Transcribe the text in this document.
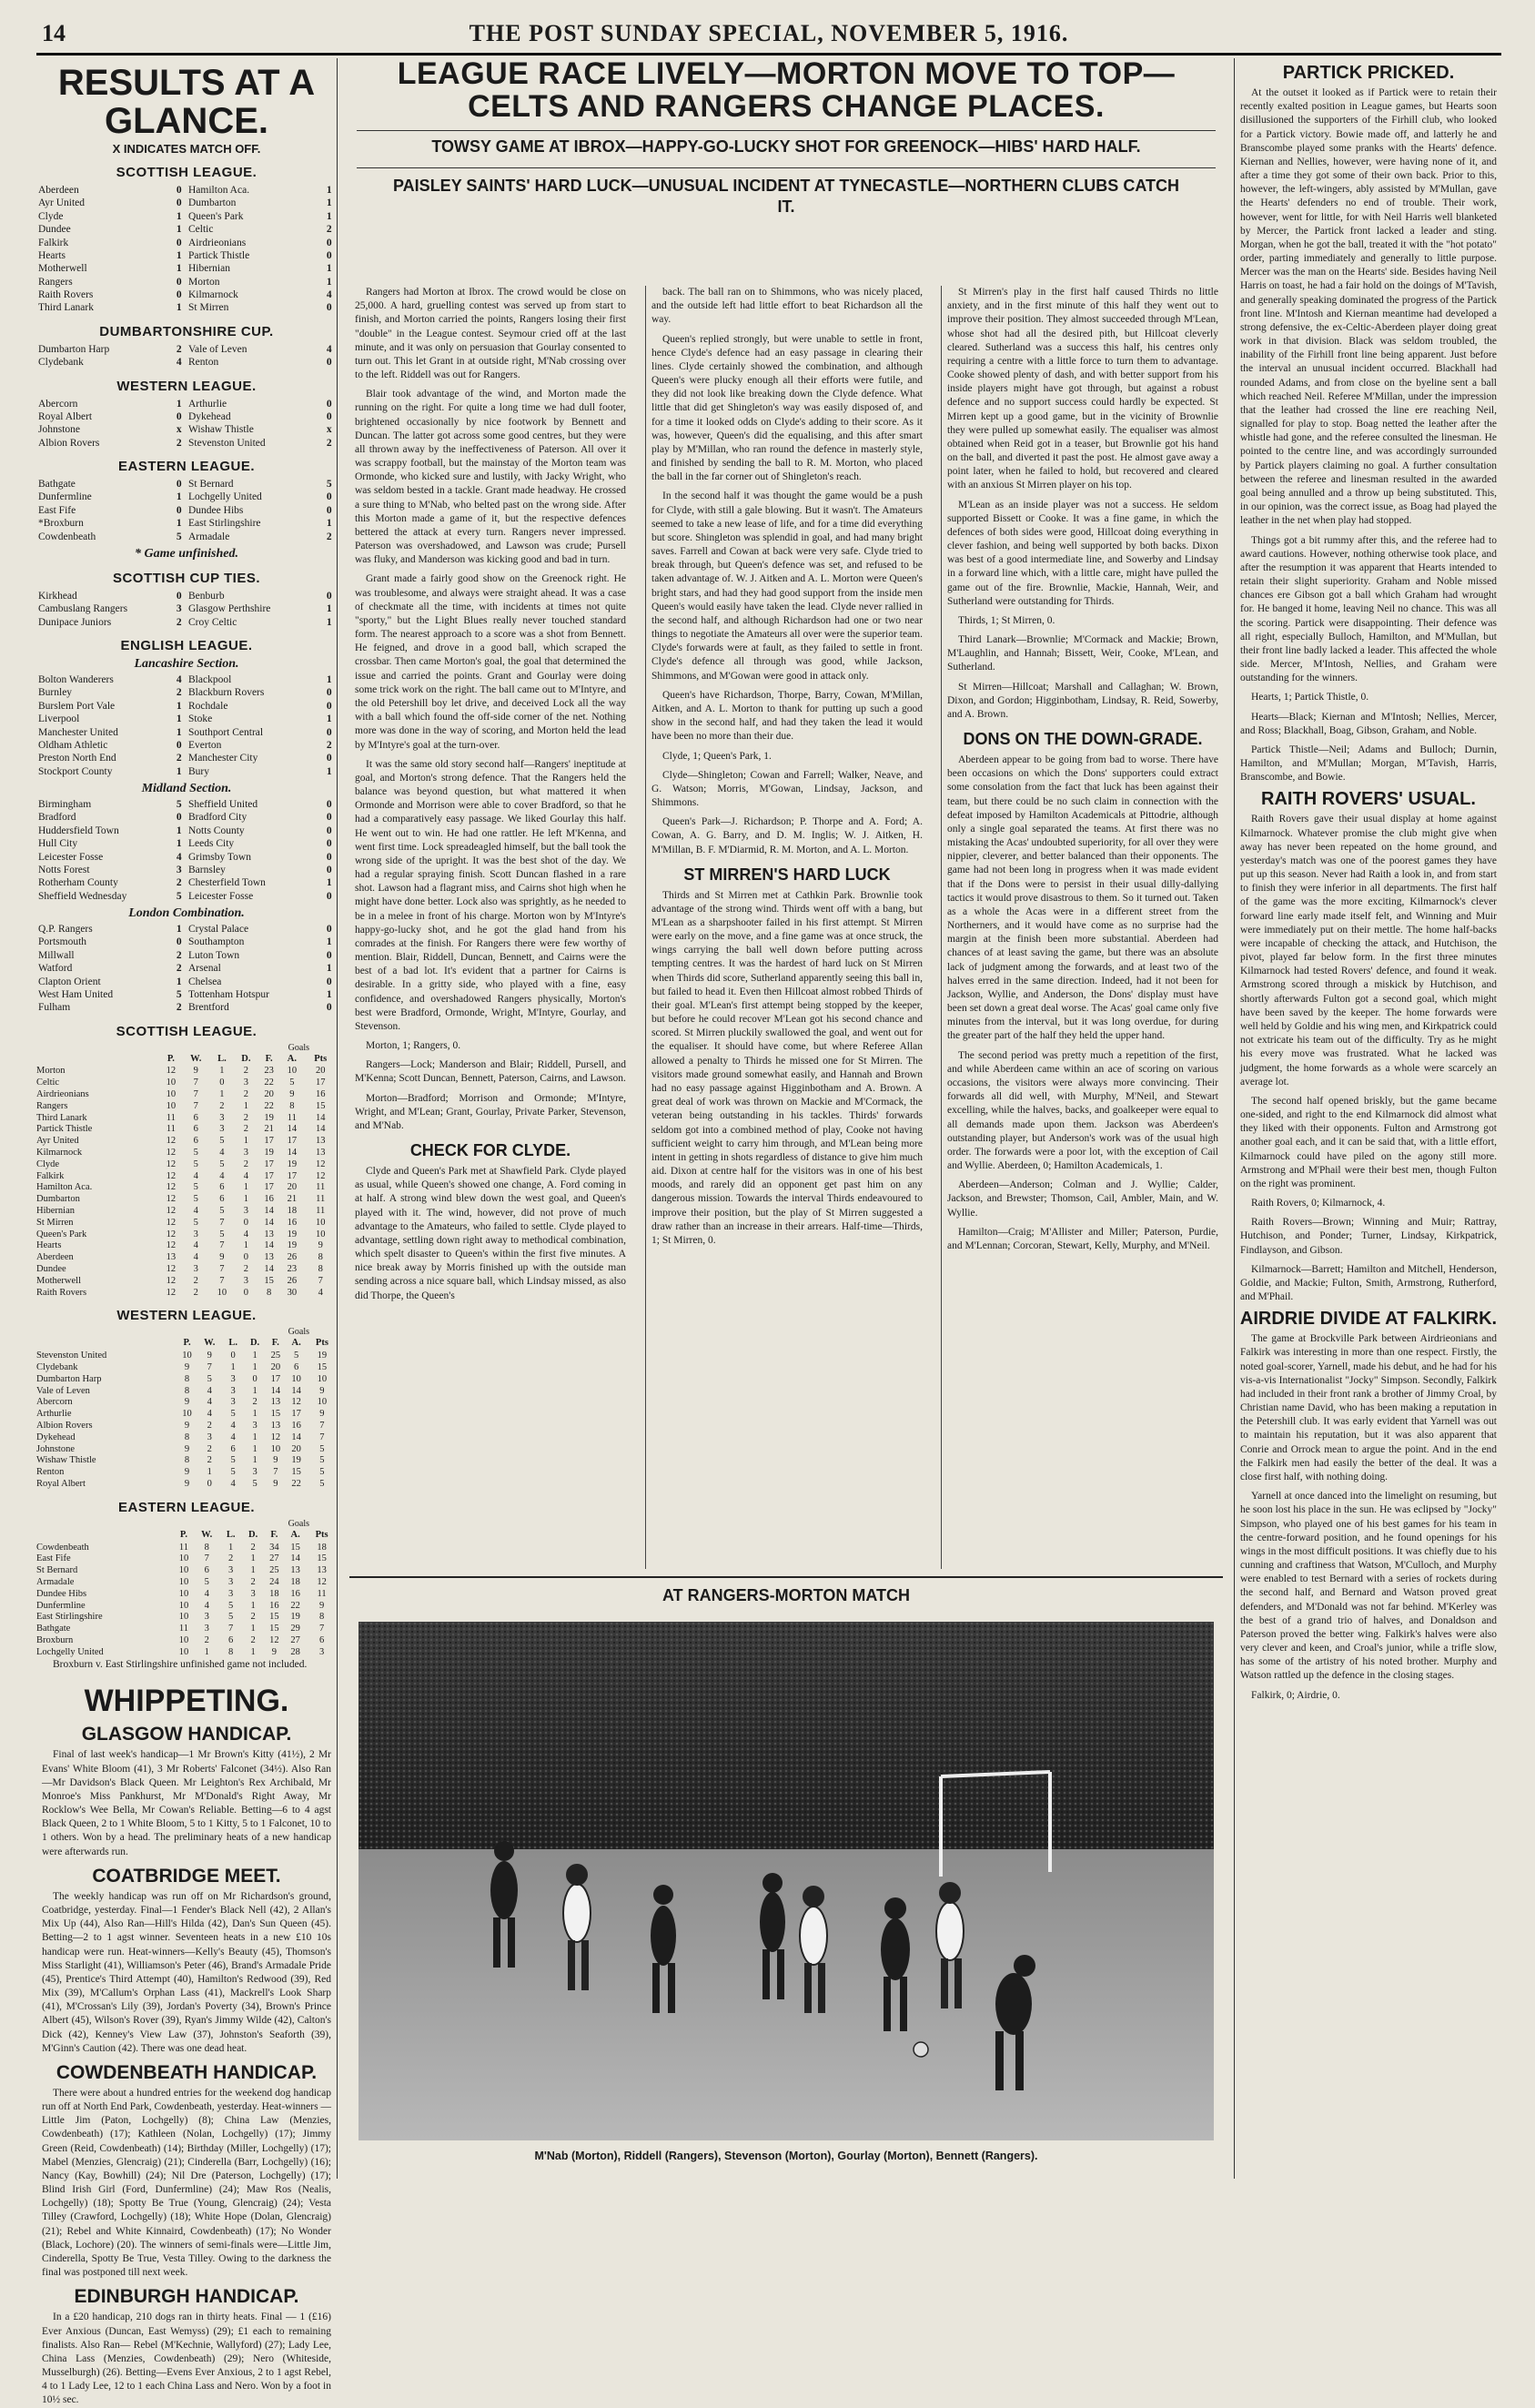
14	THE POST SUNDAY SPECIAL, NOVEMBER 5, 1916.
RESULTS AT A GLANCE.
X INDICATES MATCH OFF.
SCOTTISH LEAGUE.
Aberdeen	0	Hamilton Aca.	1
Ayr United	0	Dumbarton	1
Clyde	1	Queen's Park	1
Dundee	1	Celtic	2
Falkirk	0	Airdrieonians	0
Hearts	1	Partick Thistle	0
Motherwell	1	Hibernian	1
Rangers	0	Morton	1
Raith Rovers	0	Kilmarnock	4
Third Lanark	1	St Mirren	0
DUMBARTONSHIRE CUP.
Dumbarton Harp	2	Vale of Leven	4
Clydebank	4	Renton	0
WESTERN LEAGUE.
Abercorn	1	Arthurlie	0
Royal Albert	0	Dykehead	0
Johnstone	x	Wishaw Thistle	x
Albion Rovers	2	Stevenston United	2
EASTERN LEAGUE.
Bathgate	0	St Bernard	5
Dunfermline	1	Lochgelly United	0
East Fife	0	Dundee Hibs	0
*Broxburn	1	East Stirlingshire	1
Cowdenbeath	5	Armadale	2
* Game unfinished.
SCOTTISH CUP TIES.
Kirkhead	0	Benburb	0
Cambuslang Rangers	3	Glasgow Perthshire	1
Dunipace Juniors	2	Croy Celtic	1
ENGLISH LEAGUE.
Lancashire Section.
Bolton Wanderers	4	Blackpool	1
Burnley	2	Blackburn Rovers	0
Burslem Port Vale	1	Rochdale	0
Liverpool	1	Stoke	1
Manchester United	1	Southport Central	0
Oldham Athletic	0	Everton	2
Preston North End	2	Manchester City	0
Stockport County	1	Bury	1
Midland Section.
Birmingham	5	Sheffield United	0
Bradford	0	Bradford City	0
Huddersfield Town	1	Notts County	0
Hull City	1	Leeds City	0
Leicester Fosse	4	Grimsby Town	0
Notts Forest	3	Barnsley	0
Rotherham County	2	Chesterfield Town	1
Sheffield Wednesday	5	Leicester Fosse	0
London Combination.
Q.P. Rangers	1	Crystal Palace	0
Portsmouth	0	Southampton	1
Millwall	2	Luton Town	0
Watford	2	Arsenal	1
Clapton Orient	1	Chelsea	0
West Ham United	5	Tottenham Hotspur	1
Fulham	2	Brentford	0
SCOTTISH LEAGUE.
Goals
	P.	W.	L.	D.	F.	A.	Pts
Morton	12	9	1	2	23	10	20
Celtic	10	7	0	3	22	5	17
Airdrieonians	10	7	1	2	20	9	16
Rangers	10	7	2	1	22	8	15
Third Lanark	11	6	3	2	19	11	14
Partick Thistle	11	6	3	2	21	14	14
Ayr United	12	6	5	1	17	17	13
Kilmarnock	12	5	4	3	19	14	13
Clyde	12	5	5	2	17	19	12
Falkirk	12	4	4	4	17	17	12
Hamilton Aca.	12	5	6	1	17	20	11
Dumbarton	12	5	6	1	16	21	11
Hibernian	12	4	5	3	14	18	11
St Mirren	12	5	7	0	14	16	10
Queen's Park	12	3	5	4	13	19	10
Hearts	12	4	7	1	14	19	9
Aberdeen	13	4	9	0	13	26	8
Dundee	12	3	7	2	14	23	8
Motherwell	12	2	7	3	15	26	7
Raith Rovers	12	2	10	0	8	30	4
WESTERN LEAGUE.
Goals
	P.	W.	L.	D.	F.	A.	Pts
Stevenston United	10	9	0	1	25	5	19
Clydebank	9	7	1	1	20	6	15
Dumbarton Harp	8	5	3	0	17	10	10
Vale of Leven	8	4	3	1	14	14	9
Abercorn	9	4	3	2	13	12	10
Arthurlie	10	4	5	1	15	17	9
Albion Rovers	9	2	4	3	13	16	7
Dykehead	8	3	4	1	12	14	7
Johnstone	9	2	6	1	10	20	5
Wishaw Thistle	8	2	5	1	9	19	5
Renton	9	1	5	3	7	15	5
Royal Albert	9	0	4	5	9	22	5
EASTERN LEAGUE.
Goals
	P.	W.	L.	D.	F.	A.	Pts
Cowdenbeath	11	8	1	2	34	15	18
East Fife	10	7	2	1	27	14	15
St Bernard	10	6	3	1	25	13	13
Armadale	10	5	3	2	24	18	12
Dundee Hibs	10	4	3	3	18	16	11
Dunfermline	10	4	5	1	16	22	9
East Stirlingshire	10	3	5	2	15	19	8
Bathgate	11	3	7	1	15	29	7
Broxburn	10	2	6	2	12	27	6
Lochgelly United	10	1	8	1	9	28	3
Broxburn v. East Stirlingshire unfinished game not included.
WHIPPETING.
GLASGOW HANDICAP.

Final of last week's handicap—1 Mr Brown's Kitty (41½), 2 Mr Evans' White Bloom (41), 3 Mr Roberts' Falconet (34½). Also Ran—Mr Davidson's Black Queen. Mr Leighton's Rex Archibald, Mr Monroe's Miss Pankhurst, Mr M'Donald's Right Away, Mr Rocklow's Wee Bella, Mr Cowan's Reliable. Betting—6 to 4 agst Black Queen, 2 to 1 White Bloom, 5 to 1 Kitty, 5 to 1 Falconet, 10 to 1 others. Won by a head. The preliminary heats of a new handicap were afterwards run.

COATBRIDGE MEET.

The weekly handicap was run off on Mr Richardson's ground, Coatbridge, yesterday. Final—1 Fender's Black Nell (42), 2 Allan's Mix Up (44), Also Ran—Hill's Hilda (42), Dan's Sun Queen (45). Betting—2 to 1 agst winner. Seventeen heats in a new £10 10s handicap were run. Heat-winners—Kelly's Beauty (45), Thomson's Miss Starlight (41), Williamson's Peter (46), Brand's Armadale Pride (45), Prentice's Third Attempt (40), Hamilton's Redwood (39), Red Mix (39), M'Callum's Orphan Lass (41), Mackrell's Look Sharp (41), M'Crossan's Lily (39), Jordan's Poverty (34), Brown's Prince Albert (45), Wilson's Rover (39), Ryan's Jimmy Wilde (42), Calton's Dick (42), Kenney's View Law (37), Johnston's Seaforth (39), M'Ginn's Caution (42). There was one dead heat.

COWDENBEATH HANDICAP.

There were about a hundred entries for the weekend dog handicap run off at North End Park, Cowdenbeath, yesterday. Heat-winners — Little Jim (Paton, Lochgelly) (8); China Law (Menzies, Cowdenbeath) (17); Kathleen (Nolan, Lochgelly) (17); Jimmy Green (Reid, Cowdenbeath) (14); Birthday (Miller, Lochgelly) (17); Mabel (Menzies, Glencraig) (21); Cinderella (Barr, Lochgelly) (16); Nancy (Kay, Bowhill) (24); Nil Dre (Paterson, Lochgelly) (17); Blind Irish Girl (Ford, Dunfermline) (24); Maw Ros (Nealis, Lochgelly) (18); Spotty Be True (Young, Glencraig) (24); Vesta Tilley (Crawford, Lochgelly) (18); White Hope (Dolan, Glencraig) (21); Rebel and White Kinnaird, Cowdenbeath) (17); No Wonder (Black, Lochore) (20). The winners of semi-finals were—Little Jim, Cinderella, Spotty Be True, Vesta Tilley. Owing to the darkness the final was postponed till next week.

EDINBURGH HANDICAP.

In a £20 handicap, 210 dogs ran in thirty heats. Final — 1 (£16) Ever Anxious (Duncan, East Wemyss) (29); £1 each to remaining finalists. Also Ran— Rebel (M'Kechnie, Wallyford) (27); Lady Lee, China Lass (Menzies, Cowdenbeath) (29); Nero (Whiteside, Musselburgh) (26). Betting—Evens Ever Anxious, 2 to 1 agst Rebel, 4 to 1 Lady Lee, 12 to 1 each China Lass and Nero. Won by a foot in 10½ sec.

LEAGUE RACE LIVELY—MORTON MOVE TO TOP—CELTS AND RANGERS CHANGE PLACES.
TOWSY GAME AT IBROX—HAPPY-GO-LUCKY SHOT FOR GREENOCK—HIBS' HARD HALF.
PAISLEY SAINTS' HARD LUCK—UNUSUAL INCIDENT AT TYNECASTLE—NORTHERN CLUBS CATCH IT.

Rangers had Morton at Ibrox. The crowd would be close on 25,000. A hard, gruelling contest was served up from start to finish, and Morton carried the points, Rangers losing their first "double" in the League contest. Seymour cried off at the last minute, and it was only on persuasion that Gourlay consented to turn out. This let Grant in at outside right, M'Nab crossing over to the left. Riddell was out for Rangers.

Blair took advantage of the wind, and Morton made the running on the right. For quite a long time we had dull footer, brightened occasionally by nice footwork by Bennett and Duncan. The latter got across some good centres, but they were all thrown away by the ineffectiveness of Paterson. All over it was scrappy football, but the mainstay of the Morton team was Ormonde, who kicked sure and lustily, with Jacky Wright, who was seldom bested in a tackle. Grant made headway. He crossed a sure thing to M'Nab, who belted past on the wrong side. After this Morton made a game of it, but the respective defences bettered the attack at every turn. Rangers never impressed. Paterson was overshadowed, and Lawson was crude; Pursell was fluky, and Manderson was kicking good and bad in turn.

Grant made a fairly good show on the Greenock right. He was troublesome, and always were straight ahead. It was a case of checkmate all the time, with incidents at times not quite "sporty," but the Light Blues really never touched standard form. The nearest approach to a score was a shot from Bennett. He feigned, and drove in a good ball, which scraped the crossbar. Then came Morton's goal, the goal that determined the issue and carried the points. Grant and Gourlay were doing some trick work on the right. The ball came out to M'Intyre, and the old Petershill boy let drive, and deceived Lock all the way with a ball which found the off-side corner of the net. Nothing more was done in the way of scoring, and Morton held the lead by M'Intyre's goal at the turn-over.

It was the same old story second half—Rangers' ineptitude at goal, and Morton's strong defence. That the Rangers held the balance was beyond question, but what mattered it when Ormonde and Morrison were able to cover Bradford, so that he had a comparatively easy passage. We liked Gourlay this half. He went out to win. He had one rattler. He left M'Kenna, and went first time. Lock spreadeagled himself, but the ball took the wrong side of the upright. It was the best shot of the day. We had a regular spraying finish. Scott Duncan flashed in a rare shot. Lawson had a flagrant miss, and Cairns shot high when he might have done better. Lock also was sprightly, as he needed to be in a melee in front of his charge. Morton won by M'Intyre's happy-go-lucky shot, and he got the glad hand from his comrades at the finish. For Rangers there were few worthy of mention. Blair, Riddell, Duncan, Bennett, and Cairns were the best of a bad lot. It's evident that a partner for Cairns is desirable. In a gritty side, who played with a fine, easy confidence, and overshadowed Rangers physically, Morton's best were Bradford, Ormonde, Wright, M'Intyre, Gourlay, and Stevenson.

Morton, 1; Rangers, 0.

Rangers—Lock; Manderson and Blair; Riddell, Pursell, and M'Kenna; Scott Duncan, Bennett, Paterson, Cairns, and Lawson.

Morton—Bradford; Morrison and Ormonde; M'Intyre, Wright, and M'Lean; Grant, Gourlay, Private Parker, Stevenson, and M'Nab.

CHECK FOR CLYDE.

Clyde and Queen's Park met at Shawfield Park. Clyde played as usual, while Queen's showed one change, A. Ford coming in at half. A strong wind blew down the west goal, and Queen's played with it. The wind, however, did not prove of much advantage to the Amateurs, who failed to settle. Clyde played to advantage, settling down right away to methodical combination, which spelt disaster to Queen's within the first five minutes. A nice break away by Morris finished up with the outside man sending across a nice square ball, which Lindsay missed, as also did Thorpe, the Queen's

back. The ball ran on to Shimmons, who was nicely placed, and the outside left had little effort to beat Richardson all the way.

Queen's replied strongly, but were unable to settle in front, hence Clyde's defence had an easy passage in clearing their lines. Clyde certainly showed the combination, and although Queen's were plucky enough all their efforts were futile, and they did not look like breaking down the Clyde defence. What little that did get Shingleton's way was easily disposed of, and for a time it looked odds on Clyde's adding to their score. As it was, however, Queen's did the equalising, and this after smart play by M'Millan, who ran round the defence in masterly style, and finished by sending the ball to R. M. Morton, who placed the ball in the far corner out of Shingleton's reach.

In the second half it was thought the game would be a push for Clyde, with still a gale blowing. But it wasn't. The Amateurs seemed to take a new lease of life, and for a time did everything but score. Shingleton was splendid in goal, and had many bright saves. Farrell and Cowan at back were very safe. Clyde tried to break through, but Queen's defence was set, and refused to be taken advantage of. W. J. Aitken and A. L. Morton were Queen's bright stars, and had they had good support from the inside men Queen's would easily have taken the lead. Clyde never rallied in the second half, and although Richardson had one or two near things to negotiate the Amateurs all over were the superior team. Clyde's forwards were at fault, as they failed to settle in front. Clyde's defence all through was good, while Jackson, Shimmons, and M'Gowan were good in attack only.

Queen's have Richardson, Thorpe, Barry, Cowan, M'Millan, Aitken, and A. L. Morton to thank for putting up such a good show in the second half, and had they taken the lead it would have been no more than their due.

Clyde, 1; Queen's Park, 1.

Clyde—Shingleton; Cowan and Farrell; Walker, Neave, and G. Watson; Morris, M'Gowan, Lindsay, Jackson, and Shimmons.

Queen's Park—J. Richardson; P. Thorpe and A. Ford; A. Cowan, A. G. Barry, and D. M. Inglis; W. J. Aitken, H. M'Millan, B. F. M'Diarmid, R. M. Morton, and A. L. Morton.

ST MIRREN'S HARD LUCK

Thirds and St Mirren met at Cathkin Park. Brownlie took advantage of the strong wind. Thirds went off with a bang, but M'Lean as a sharpshooter failed in his first attempt. St Mirren were early on the move, and a fine game was at once struck, the wings carrying the ball well down before putting across tempting centres. It was the hardest of hard luck on St Mirren when Thirds did score, Sutherland apparently seeing this ball in, but failed to head it. Even then Hillcoat almost robbed Thirds of their goal. M'Lean's first attempt being stopped by the keeper, but before he could recover M'Lean got his second chance and scored. St Mirren pluckily swallowed the goal, and went out for the equaliser. It should have come, but where Referee Allan allowed a penalty to Thirds he missed one for St Mirren. The visitors made ground somewhat easily, and Hannah and Brown had no easy passage against Higginbotham and A. Brown. A great deal of work was thrown on Mackie and M'Cormack, the veteran being outstanding in his tackles. Thirds' forwards seldom got into a combined method of play, Cooke not having sufficient weight to carry him through, and M'Lean being more intent in getting in shots regardless of distance to give him much aid. Dixon at centre half for the visitors was in one of his best moods, and rarely did an opponent get past him on any dangerous mission. Towards the interval Thirds endeavoured to improve their position, but the play of St Mirren suggested a draw rather than an increase in their arrears. Half-time—Thirds, 1; St Mirren, 0.

St Mirren's play in the first half caused Thirds no little anxiety, and in the first minute of this half they went out to improve their position. They almost succeeded through M'Lean, whose shot had all the desired pith, but Hillcoat cleverly cleared. Sutherland was a success this half, his centres only requiring a centre with a little force to turn them to advantage. Cooke showed plenty of dash, and with better support from his inside players might have got through, but against a robust defence and no support success could hardly be expected. St Mirren kept up a good game, but in the vicinity of Brownlie they were pulled up somewhat easily. The equaliser was almost obtained when Reid got in a teaser, but Brownlie got his hand on the ball, and diverted it past the post. He almost gave away a point later, when he failed to hold, but recovered and cleared with an anxious St Mirren player on his top.

M'Lean as an inside player was not a success. He seldom supported Bissett or Cooke. It was a fine game, in which the defences of both sides were good, Hillcoat doing everything in clever fashion, and being well supported by both backs. Dixon was best of a good intermediate line, and Sowerby and Lindsay in a forward line which, with a little care, might have pulled the game out of the fire. Brownlie, Mackie, Hannah, Weir, and Sutherland were outstanding for Thirds.

Thirds, 1; St Mirren, 0.

Third Lanark—Brownlie; M'Cormack and Mackie; Brown, M'Laughlin, and Hannah; Bissett, Weir, Cooke, M'Lean, and Sutherland.

St Mirren—Hillcoat; Marshall and Callaghan; W. Brown, Dixon, and Gordon; Higginbotham, Lindsay, R. Reid, Sowerby, and A. Brown.

DONS ON THE DOWN-GRADE.

Aberdeen appear to be going from bad to worse. There have been occasions on which the Dons' supporters could extract some consolation from the fact that luck has been against their team, but there could be no such claim in connection with the defeat imposed by Hamilton Academicals at Pittodrie, although only a single goal separated the teams. At first there was no mistaking the Acas' undoubted superiority, for all over they were nippier, cleverer, and better balanced than their opponents. The game had not been long in progress when it was made evident that if the Dons were to persist in their usual dilly-dallying tactics it would prove disastrous to them. So it turned out. Taken as a whole the Acas were in a different street from the Northerners, and it would have come as no surprise had the margin at the finish been more substantial. Aberdeen had chances of at least saving the game, but there was an absolute lack of judgment among the forwards, and at least two of the halves erred in the same direction. Indeed, had it not been for Jackson, Wyllie, and Anderson, the Dons' display must have been set down a great deal worse. The Acas' goal came only five minutes from the interval, but it was long overdue, for during the greater part of the half they held the upper hand.

The second period was pretty much a repetition of the first, and while Aberdeen came within an ace of scoring on various occasions, the visitors were always more convincing. Their forwards all did well, with Murphy, M'Neil, and Stewart excelling, while the halves, backs, and goalkeeper were equal to all demands made upon them. Jackson was Aberdeen's outstanding player, but Anderson's work was of the usual high order. The forwards were a poor lot, with the exception of Cail and Wyllie. Aberdeen, 0; Hamilton Academicals, 1.

Aberdeen—Anderson; Colman and J. Wyllie; Calder, Jackson, and Brewster; Thomson, Cail, Ambler, Main, and W. Wyllie.

Hamilton—Craig; M'Allister and Miller; Paterson, Purdie, and M'Lennan; Corcoran, Stewart, Kelly, Murphy, and M'Neil.

AT RANGERS-MORTON MATCH
M'Nab (Morton), Riddell (Rangers), Stevenson (Morton), Gourlay (Morton), Bennett (Rangers).
PARTICK PRICKED.

At the outset it looked as if Partick were to retain their recently exalted position in League games, but Hearts soon disillusioned the supporters of the Firhill club, who looked for a Partick victory. Bowie made off, and latterly he and Branscombe played some pranks with the Hearts' defence. Kiernan and Nellies, however, were having none of it, and after a time they got some of their own back. Prior to this, however, the left-wingers, ably assisted by M'Mullan, gave the Hearts' defenders no end of trouble. Their work, however, went for little, for with Neil Harris well blanketed by Mercer, the Partick front lacked a leader and sting. Morgan, when he got the ball, treated it with the "hot potato" order, parting immediately and generally to little purpose. Mercer was the man on the Hearts' side. Besides having Neil Harris on toast, he had a fair hold on the doings of M'Tavish, and generally speaking dominated the progress of the Partick front line. M'Intosh and Kiernan meantime had developed a strong defensive, the ex-Celtic-Aberdeen player doing great work in that division. Black was seldom troubled, the inability of the Firhill front line being apparent. Just before the interval an unusual incident occurred. Blackhall had rounded Adams, and from close on the byeline sent a ball which reached Neil. Referee M'Millan, under the impression that the leather had crossed the line ere reaching Neil, signalled for play to stop. Boag netted the leather after the whistle had gone, and the referee consulted the linesman. He pointed to the centre line, and was accordingly surrounded by Partick players claiming no goal. A further consultation between the referee and linesman resulted in the awarded goal being annulled and a throw up being substituted. This, in our opinion, was the correct issue, as Boag had played the leather in the net when play had stopped.

Things got a bit rummy after this, and the referee had to award cautions. However, nothing otherwise took place, and after the resumption it was apparent that Hearts intended to retain their slight superiority. Graham and Noble missed chances ere Gibson got a ball which Graham had wrought for. He banged it home, leaving Neil no chance. This was all the scoring. Partick were disappointing. Their defence was all right, especially Bulloch, Hamilton, and M'Mullan, but their front line badly lacked a leader. This affected the whole side. Mercer, M'Intosh, Nellies, and Graham were outstanding for the winners.

Hearts, 1; Partick Thistle, 0.

Hearts—Black; Kiernan and M'Intosh; Nellies, Mercer, and Ross; Blackhall, Boag, Gibson, Graham, and Noble.

Partick Thistle—Neil; Adams and Bulloch; Durnin, Hamilton, and M'Mullan; Morgan, M'Tavish, Harris, Branscombe, and Bowie.

RAITH ROVERS' USUAL.

Raith Rovers gave their usual display at home against Kilmarnock. Whatever promise the club might give when away has never been repeated on the home ground, and yesterday's match was one of the poorest games they have put up this season. Never had Raith a look in, and from start to finish they were inferior in all departments. The first half of the game was the more exciting, Kilmarnock's clever forward line early made itself felt, and Winning and Muir were immediately put on their mettle. The home half-backs were incapable of checking the attack, and Hutchison, the pivot, played far below form. In the first three minutes Kilmarnock had tested Rovers' defence, and found it weak. Armstrong scored through a miskick by Hutchison, and shortly afterwards Fulton got a second goal, which might have been saved by the keeper. The home forwards were well held by Goldie and his wing men, and Kirkpatrick could not extricate his team out of the difficulty. Try as he might his every move was frustrated. What he lacked was judgment, the home forwards as a whole were scarcely an average lot.

The second half opened briskly, but the game became one-sided, and right to the end Kilmarnock did almost what they liked with their opponents. Fulton and Armstrong got another goal each, and it can be said that, with a little effort, Kilmarnock could have piled on the agony still more. Armstrong and M'Phail were their best men, though Fulton on the right was prominent.

Raith Rovers, 0; Kilmarnock, 4.

Raith Rovers—Brown; Winning and Muir; Rattray, Hutchison, and Ponder; Turner, Lindsay, Kirkpatrick, Findlayson, and Gibson.

Kilmarnock—Barrett; Hamilton and Mitchell, Henderson, Goldie, and Mackie; Fulton, Smith, Armstrong, Rutherford, and M'Phail.

AIRDRIE DIVIDE AT FALKIRK.

The game at Brockville Park between Airdrieonians and Falkirk was interesting in more than one respect. Firstly, the noted goal-scorer, Yarnell, made his debut, and he had for his vis-a-vis Internationalist "Jocky" Simpson. Secondly, Falkirk had included in their front rank a brother of Jimmy Croal, by Christian name David, who has been making a reputation in the Petershill club. It was early evident that Yarnell was out to maintain his reputation, but it was also apparent that Conrie and Orrock mean to argue the point. And in the end the Falkirk men had easily the better of the deal. It was a close first half, with nothing doing.

Yarnell at once danced into the limelight on resuming, but he soon lost his place in the sun. He was eclipsed by "Jocky" Simpson, who played one of his best games for his team in the centre-forward position, and he found openings for his wings in the most difficult positions. It was chiefly due to his cunning and craftiness that Watson, M'Culloch, and Murphy were enabled to test Bernard with a series of rockets during the second half, and Bernard and Watson proved great defenders, and M'Donald was not far behind. M'Kerley was the best of a grand trio of halves, and Donaldson and Paterson proved the better wing. Falkirk's halves were also very clever and keen, and Croal's junior, while a trifle slow, has some of the artistry of his noted brother. Murphy and Watson rattled up the defence in the closing stages.

Falkirk, 0; Airdrie, 0.
